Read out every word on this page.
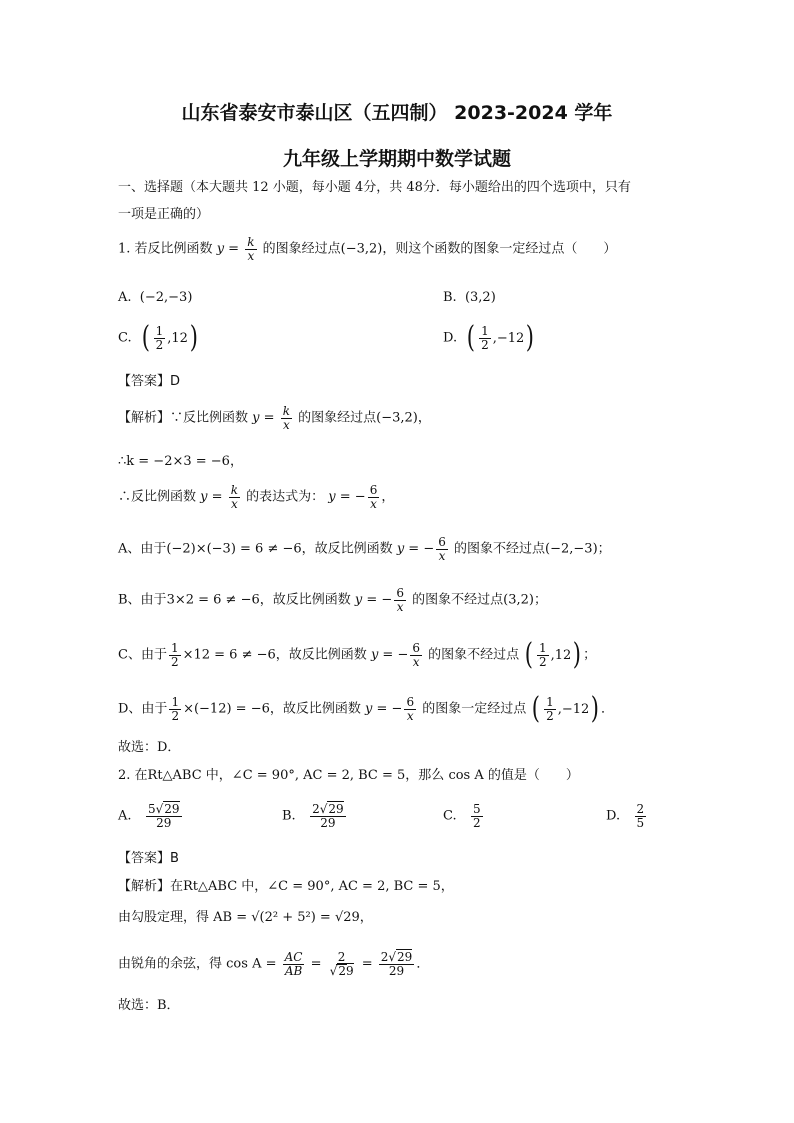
山东省泰安市泰山区（五四制） 2023-2024 学年
九年级上学期期中数学试题
一、选择题（本大题共 12 小题，每小题 4分，共 48分．每小题给出的四个选项中，只有
一项是正确的）
1. 若反比例函数 $y = \frac{k}{x}$ 的图象经过点(−3,2)，则这个函数的图象一定经过点（　　）
A. (−2,−3)	B. (3,2)
C. ( 1
2 ,12 )	D. ( 1
2 ,−12 )
【答案】D
【解析】∵反比例函数 $y = \frac{k}{x}$ 的图象经过点(−3,2)，
∴k = −2×3 = −6，
∴反比例函数 $y = \frac{k}{x}$ 的表达式为： y = − $\frac{6}{x}$ ，
A、由于(−2)×(−3) = 6 ≠ −6，故反比例函数 y = − $\frac{6}{x}$ 的图象不经过点(−2,−3)；
B、由于3×2 = 6 ≠ −6，故反比例函数 y = − $\frac{6}{x}$ 的图象不经过点(3,2)；
C、由于 $\frac{1}{2} \times 12 = 6 \ne -6$，故反比例函数 y = − $\frac{6}{x}$ 的图象不经过点 ( 1
2 ,12 ) ；
D、由于 $\frac{1}{2} \times(-12) = -6$，故反比例函数 y = − $\frac{6}{x}$ 的图象一定经过点 ( 1
2 ,−12 ) ．
故选：D．
2. 在Rt△ABC 中，∠C = 90°, AC = 2, BC = 5，那么 cos A 的值是（　　）
A. $\frac{5√29}{29}$	B. $\frac{2√29}{29}$	C. $\frac{5}{2}$	D. $\frac{2}{5}$
【答案】B
【解析】在Rt△ABC 中，∠C = 90°, AC = 2, BC = 5，
由勾股定理，得 AB = √(2² + 5²) = √29，
由锐角的余弦，得 $\cos A = \frac{AC}{AB} = \frac{2}{√29} = \frac{2√29}{29}$ ．
故选：B．
